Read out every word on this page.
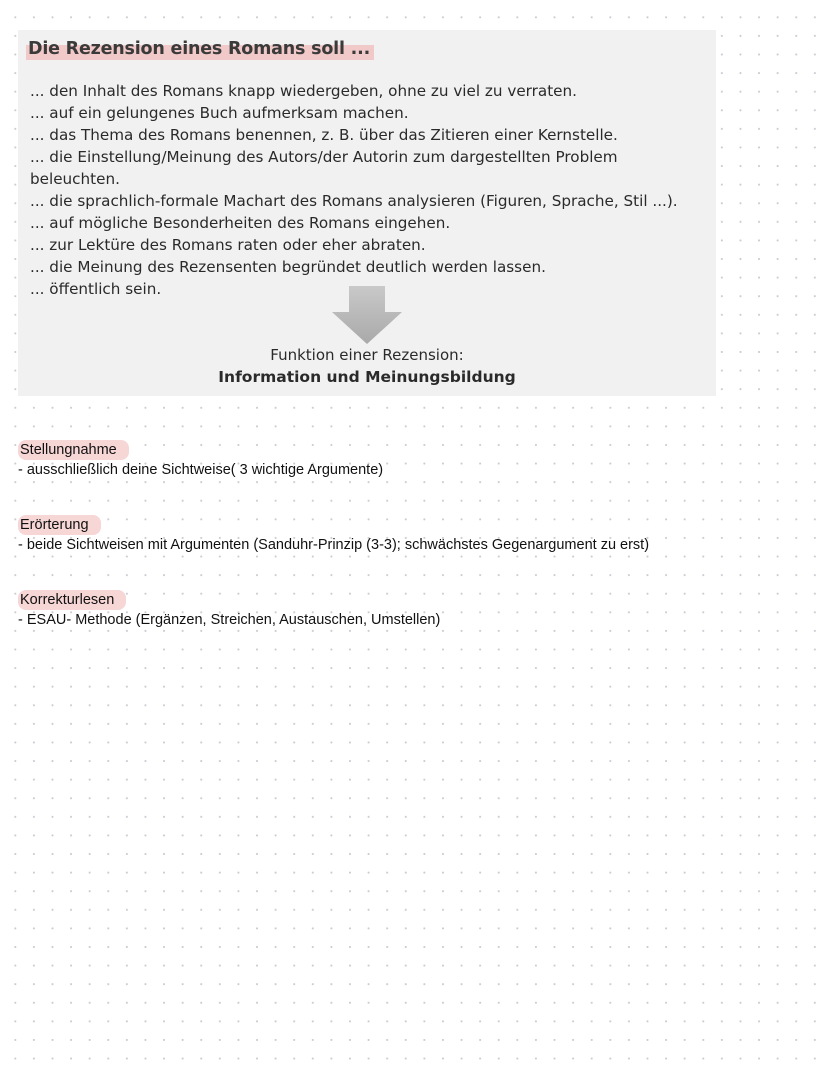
Die Rezension eines Romans soll ...
... den Inhalt des Romans knapp wiedergeben, ohne zu viel zu verraten.
... auf ein gelungenes Buch aufmerksam machen.
... das Thema des Romans benennen, z. B. über das Zitieren einer Kernstelle.
... die Einstellung/Meinung des Autors/der Autorin zum dargestellten Problem beleuchten.
... die sprachlich-formale Machart des Romans analysieren (Figuren, Sprache, Stil ...).
... auf mögliche Besonderheiten des Romans eingehen.
... zur Lektüre des Romans raten oder eher abraten.
... die Meinung des Rezensenten begründet deutlich werden lassen.
... öffentlich sein.

Funktion einer Rezension:

Information und Meinungsbildung

Stellungnahme

- ausschließlich deine Sichtweise( 3 wichtige Argumente)

Erörterung

- beide Sichtweisen mit Argumenten (Sanduhr-Prinzip (3-3); schwächstes Gegenargument zu erst)

Korrekturlesen

- ESAU- Methode (Ergänzen, Streichen, Austauschen, Umstellen)
